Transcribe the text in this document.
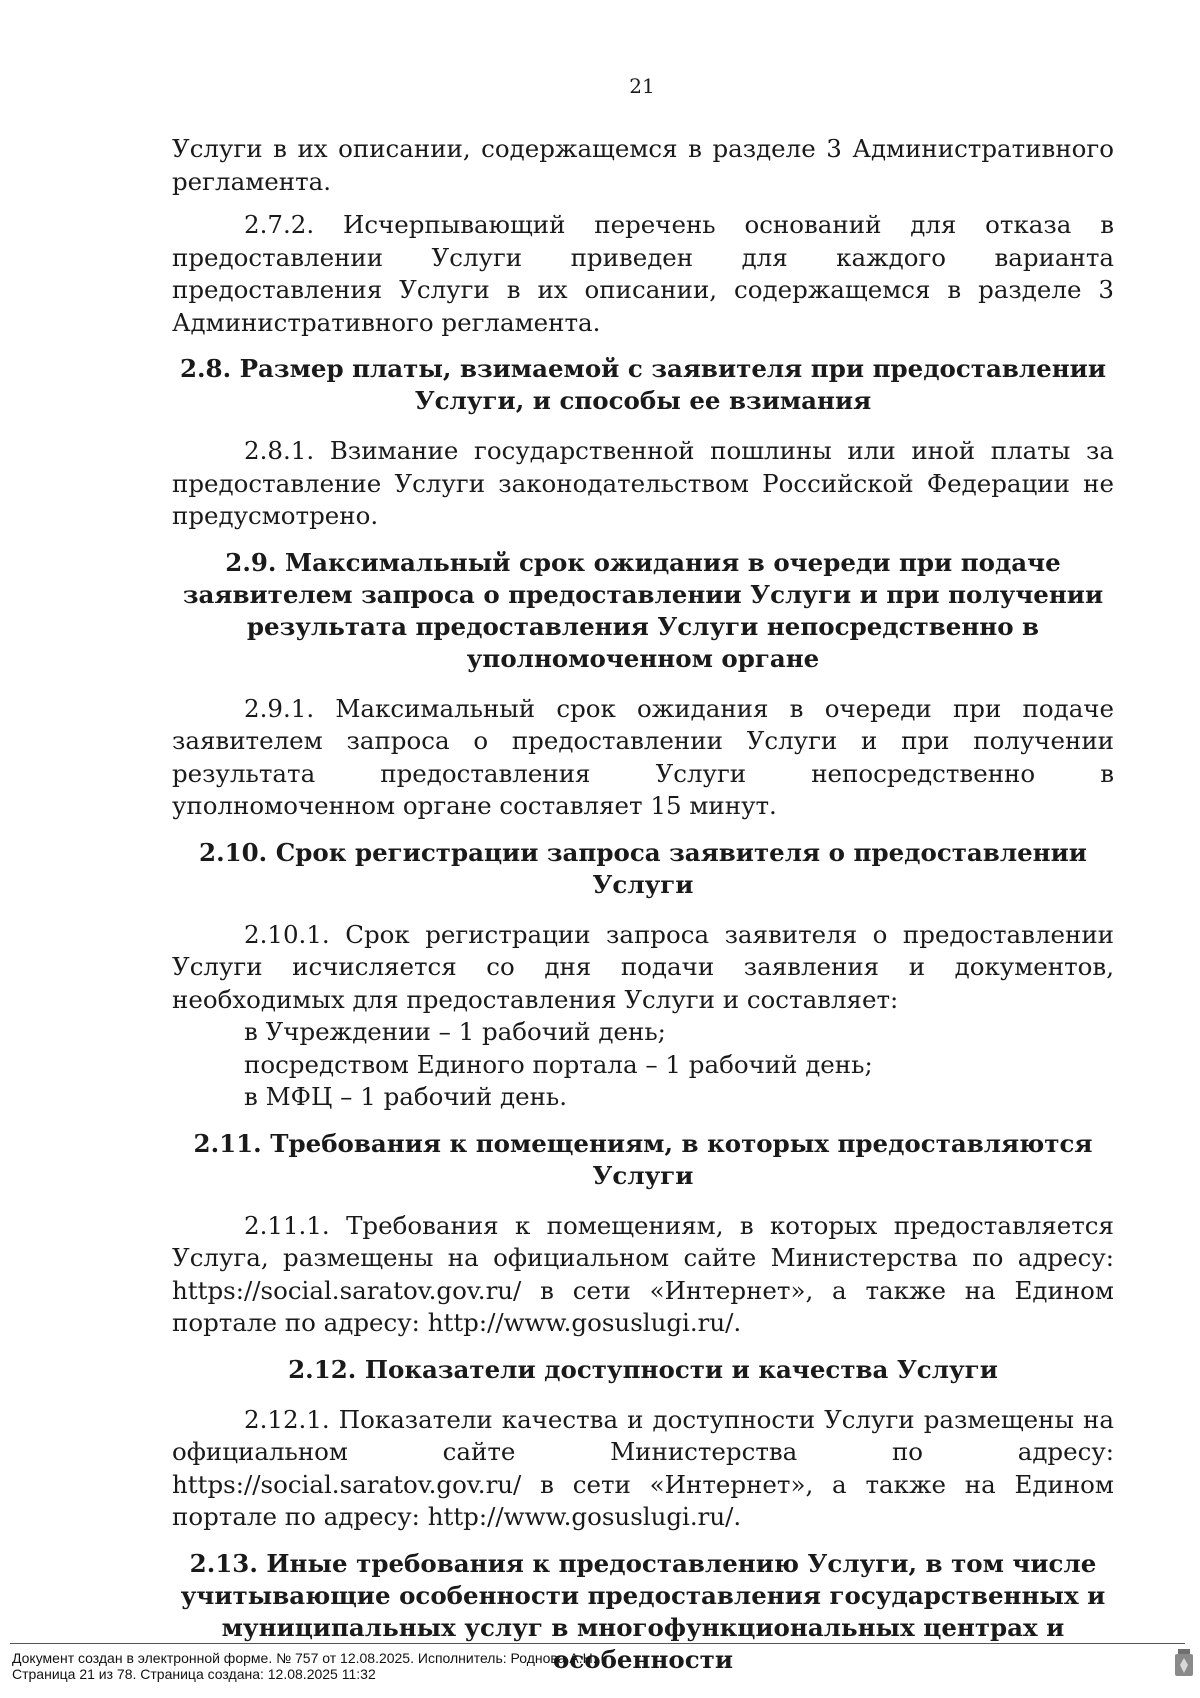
21

Услуги в их описании, содержащемся в разделе 3 Административного регламента.

2.7.2. Исчерпывающий перечень оснований для отказа в предоставлении Услуги приведен для каждого варианта предоставления Услуги в их описании, содержащемся в разделе 3 Административного регламента.

2.8. Размер платы, взимаемой с заявителя при предоставлении Услуги, и способы ее взимания

2.8.1. Взимание государственной пошлины или иной платы за предоставление Услуги законодательством Российской Федерации не предусмотрено.

2.9. Максимальный срок ожидания в очереди при подаче заявителем запроса о предоставлении Услуги и при получении результата предоставления Услуги непосредственно в уполномоченном органе

2.9.1. Максимальный срок ожидания в очереди при подаче заявителем запроса о предоставлении Услуги и при получении результата предоставления Услуги непосредственно в уполномоченном органе составляет 15 минут.

2.10. Срок регистрации запроса заявителя о предоставлении Услуги

2.10.1. Срок регистрации запроса заявителя о предоставлении Услуги исчисляется со дня подачи заявления и документов, необходимых для предоставления Услуги и составляет:

в Учреждении – 1 рабочий день;

посредством Единого портала – 1 рабочий день;

в МФЦ – 1 рабочий день.

2.11. Требования к помещениям, в которых предоставляются Услуги

2.11.1. Требования к помещениям, в которых предоставляется Услуга, размещены на официальном сайте Министерства по адресу: https://social.saratov.gov.ru/ в сети «Интернет», а также на Едином портале по адресу: http://www.gosuslugi.ru/.

2.12. Показатели доступности и качества Услуги

2.12.1. Показатели качества и доступности Услуги размещены на официальном сайте Министерства по адресу: https://social.saratov.gov.ru/ в сети «Интернет», а также на Едином портале по адресу: http://www.gosuslugi.ru/.

2.13. Иные требования к предоставлению Услуги, в том числе учитывающие особенности предоставления государственных и муниципальных услуг в многофункциональных центрах и особенности
Документ создан в электронной форме. № 757 от 12.08.2025. Исполнитель: Роднова А.Н.
Страница 21 из 78. Страница создана: 12.08.2025 11:32
